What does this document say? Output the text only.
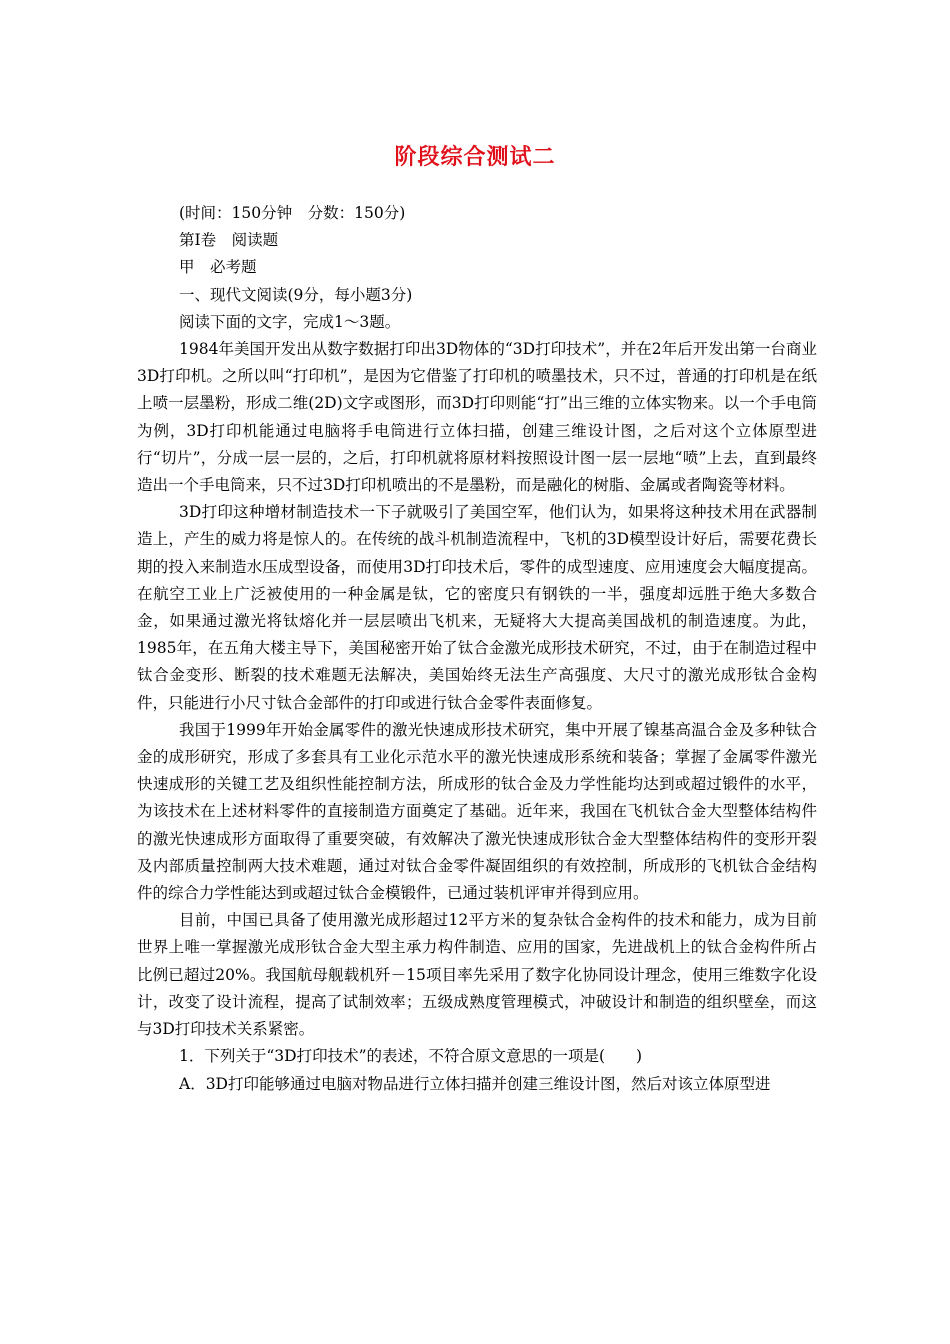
阶段综合测试二

(时间：150分钟　分数：150分)

第Ⅰ卷　阅读题

甲　必考题

一、现代文阅读(9分，每小题3分)

阅读下面的文字，完成1～3题。

1984年美国开发出从数字数据打印出3D物体的“3D打印技术”，并在2年后开发出第一台商业3D打印机。之所以叫“打印机”，是因为它借鉴了打印机的喷墨技术，只不过，普通的打印机是在纸上喷一层墨粉，形成二维(2D)文字或图形，而3D打印则能“打”出三维的立体实物来。以一个手电筒为例，3D打印机能通过电脑将手电筒进行立体扫描，创建三维设计图，之后对这个立体原型进行“切片”，分成一层一层的，之后，打印机就将原材料按照设计图一层一层地“喷”上去，直到最终造出一个手电筒来，只不过3D打印机喷出的不是墨粉，而是融化的树脂、金属或者陶瓷等材料。

3D打印这种增材制造技术一下子就吸引了美国空军，他们认为，如果将这种技术用在武器制造上，产生的威力将是惊人的。在传统的战斗机制造流程中，飞机的3D模型设计好后，需要花费长期的投入来制造水压成型设备，而使用3D打印技术后，零件的成型速度、应用速度会大幅度提高。在航空工业上广泛被使用的一种金属是钛，它的密度只有钢铁的一半，强度却远胜于绝大多数合金，如果通过激光将钛熔化并一层层喷出飞机来，无疑将大大提高美国战机的制造速度。为此，1985年，在五角大楼主导下，美国秘密开始了钛合金激光成形技术研究，不过，由于在制造过程中钛合金变形、断裂的技术难题无法解决，美国始终无法生产高强度、大尺寸的激光成形钛合金构件，只能进行小尺寸钛合金部件的打印或进行钛合金零件表面修复。

我国于1999年开始金属零件的激光快速成形技术研究，集中开展了镍基高温合金及多种钛合金的成形研究，形成了多套具有工业化示范水平的激光快速成形系统和装备；掌握了金属零件激光快速成形的关键工艺及组织性能控制方法，所成形的钛合金及力学性能均达到或超过锻件的水平，为该技术在上述材料零件的直接制造方面奠定了基础。近年来，我国在飞机钛合金大型整体结构件的激光快速成形方面取得了重要突破，有效解决了激光快速成形钛合金大型整体结构件的变形开裂及内部质量控制两大技术难题，通过对钛合金零件凝固组织的有效控制，所成形的飞机钛合金结构件的综合力学性能达到或超过钛合金模锻件，已通过装机评审并得到应用。

目前，中国已具备了使用激光成形超过12平方米的复杂钛合金构件的技术和能力，成为目前世界上唯一掌握激光成形钛合金大型主承力构件制造、应用的国家，先进战机上的钛合金构件所占比例已超过20%。我国航母舰载机歼－15项目率先采用了数字化协同设计理念，使用三维数字化设计，改变了设计流程，提高了试制效率；五级成熟度管理模式，冲破设计和制造的组织壁垒，而这与3D打印技术关系紧密。

1．下列关于“3D打印技术”的表述，不符合原文意思的一项是(　　)

A．3D打印能够通过电脑对物品进行立体扫描并创建三维设计图，然后对该立体原型进
